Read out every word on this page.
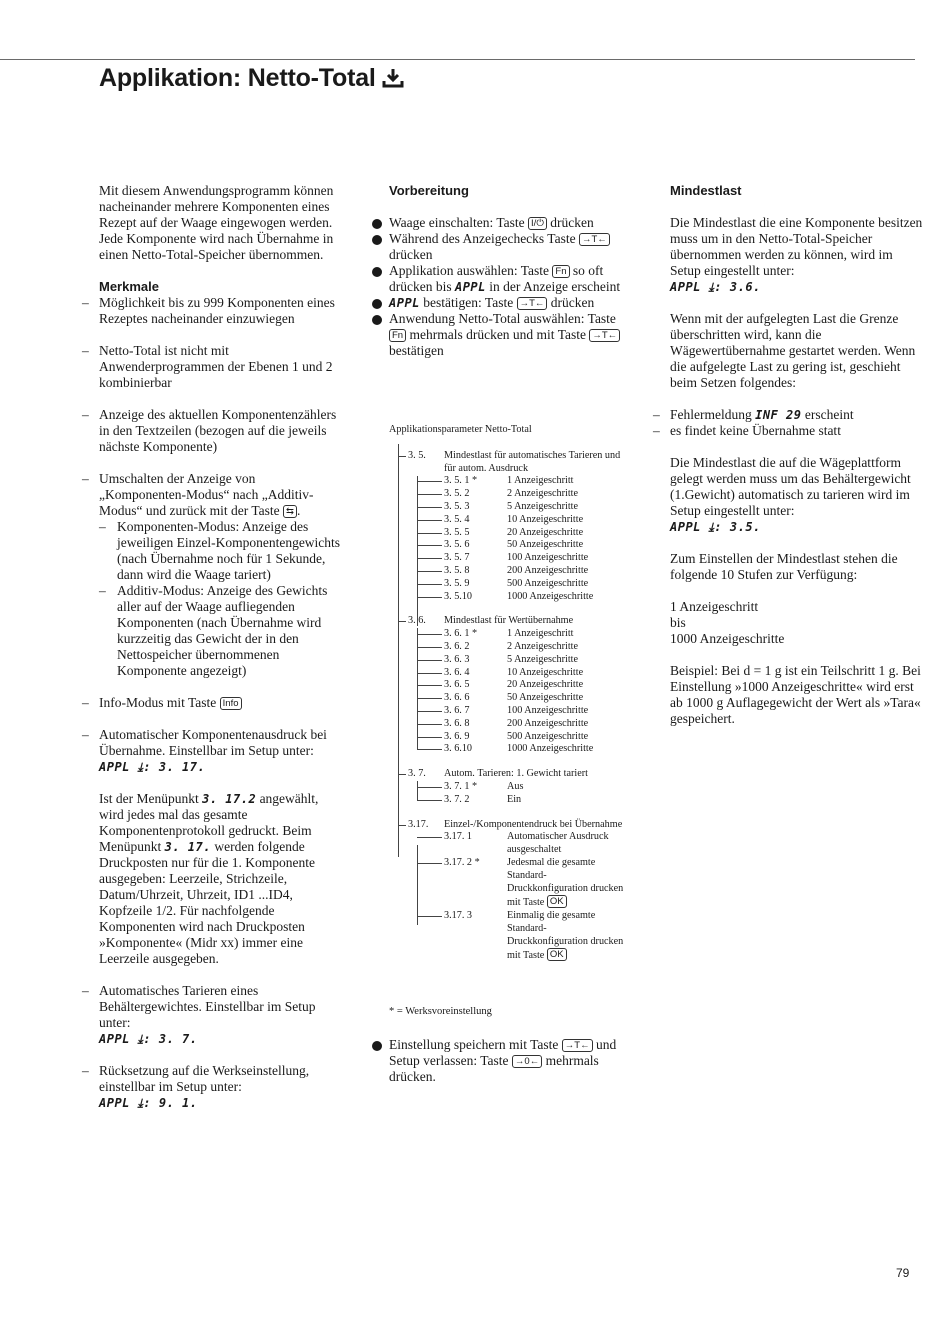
Applikation: Netto-Total

Mit diesem Anwendungsprogramm können nacheinander mehrere Komponenten eines Rezept auf der Waage eingewogen werden. Jede Komponente wird nach Übernahme in einen Netto-Total-Speicher übernommen.

Merkmale

– Möglichkeit bis zu 999 Komponenten eines Rezeptes nacheinander einzuwiegen

– Netto-Total ist nicht mit Anwenderprogrammen der Ebenen 1 und 2 kombinierbar

– Anzeige des aktuellen Komponentenzählers in den Textzeilen (bezogen auf die jeweils nächste Komponente)

– Umschalten der Anzeige von „Komponenten-Modus“ nach „Additiv-Modus“ und zurück mit der Taste ⇆ .

– Komponenten-Modus: Anzeige des jeweiligen Einzel-Komponentengewichts (nach Übernahme noch für 1 Sekunde, dann wird die Waage tariert)

– Additiv-Modus: Anzeige des Gewichts aller auf der Waage aufliegenden Komponenten (nach Übernahme wird kurzzeitig das Gewicht der in den Nettospeicher übernommenen Komponente angezeigt)

– Info-Modus mit Taste Info

– Automatischer Komponentenausdruck bei Übernahme. Einstellbar im Setup unter:

APPL ⤓: 3. 17.

Ist der Menüpunkt 3. 17.2 angewählt, wird jedes mal das gesamte Komponentenprotokoll gedruckt. Beim Menüpunkt 3. 17. werden folgende Druckposten nur für die 1. Komponente ausgegeben: Leerzeile, Strichzeile, Datum/Uhrzeit, Uhrzeit, ID1 ...ID4, Kopfzeile 1/2. Für nachfolgende Komponenten wird nach Druckposten »Komponente« (Midr xx) immer eine Leerzeile ausgegeben.

– Automatisches Tarieren eines Behältergewichtes. Einstellbar im Setup unter:

APPL ⤓: 3. 7.

– Rücksetzung auf die Werkseinstellung, einstellbar im Setup unter:

APPL ⤓: 9. 1.

Vorbereitung

Waage einschalten: Taste I/⏻ drücken

Während des Anzeigechecks Taste →T← drücken

Applikation auswählen: Taste Fn so oft drücken bis APPL in der Anzeige erscheint

APPL bestätigen: Taste →T← drücken

Anwendung Netto-Total auswählen: Taste Fn mehrmals drücken und mit Taste →T← bestätigen

Applikationsparameter Netto-Total
3. 5. Mindestlast für automatisches Tarieren und für autom. Ausdruck
3. 5. 1 *	1 Anzeigeschritt
3. 5. 2	2 Anzeigeschritte
3. 5. 3	5 Anzeigeschritte
3. 5. 4	10 Anzeigeschritte
3. 5. 5	20 Anzeigeschritte
3. 5. 6	50 Anzeigeschritte
3. 5. 7	100 Anzeigeschritte
3. 5. 8	200 Anzeigeschritte
3. 5. 9	500 Anzeigeschritte
3. 5.10	1000 Anzeigeschritte
3. 6. Mindestlast für Wertübernahme
3. 6. 1 *	1 Anzeigeschritt
3. 6. 2	2 Anzeigeschritte
3. 6. 3	5 Anzeigeschritte
3. 6. 4	10 Anzeigeschritte
3. 6. 5	20 Anzeigeschritte
3. 6. 6	50 Anzeigeschritte
3. 6. 7	100 Anzeigeschritte
3. 6. 8	200 Anzeigeschritte
3. 6. 9	500 Anzeigeschritte
3. 6.10	1000 Anzeigeschritte
3. 7. Autom. Tarieren: 1. Gewicht tariert
3. 7. 1 *	Aus
3. 7. 2	Ein
3.17. Einzel-/Komponentendruck bei Übernahme
3.17. 1	Automatischer Ausdruck ausgeschaltet
3.17. 2 *	Jedesmal die gesamte Standard-Druckkonfiguration drucken mit Taste OK
3.17. 3	Einmalig die gesamte Standard-Druckkonfiguration drucken mit Taste OK
* = Werksvoreinstellung

Einstellung speichern mit Taste →T← und Setup verlassen: Taste →0← mehrmals drücken.

Mindestlast

Die Mindestlast die eine Komponente besitzen muss um in den Netto-Total-Speicher übernommen werden zu können, wird im Setup eingestellt unter:

APPL ⤓: 3.6.

Wenn mit der aufgelegten Last die Grenze überschritten wird, kann die Wägewertübernahme gestartet werden. Wenn die aufgelegte Last zu gering ist, geschieht beim Setzen folgendes:

– Fehlermeldung INF 29 erscheint

– es findet keine Übernahme statt

Die Mindestlast die auf die Wägeplattform gelegt werden muss um das Behältergewicht (1.Gewicht) automatisch zu tarieren wird im Setup eingestellt unter:

APPL ⤓: 3.5.

Zum Einstellen der Mindestlast stehen die folgende 10 Stufen zur Verfügung:

1 Anzeigeschritt

bis

1000 Anzeigeschritte

Beispiel: Bei d = 1 g ist ein Teilschritt 1 g. Bei Einstellung »1000 Anzeigeschritte« wird erst ab 1000 g Auflagegewicht der Wert als »Tara« gespeichert.

79
